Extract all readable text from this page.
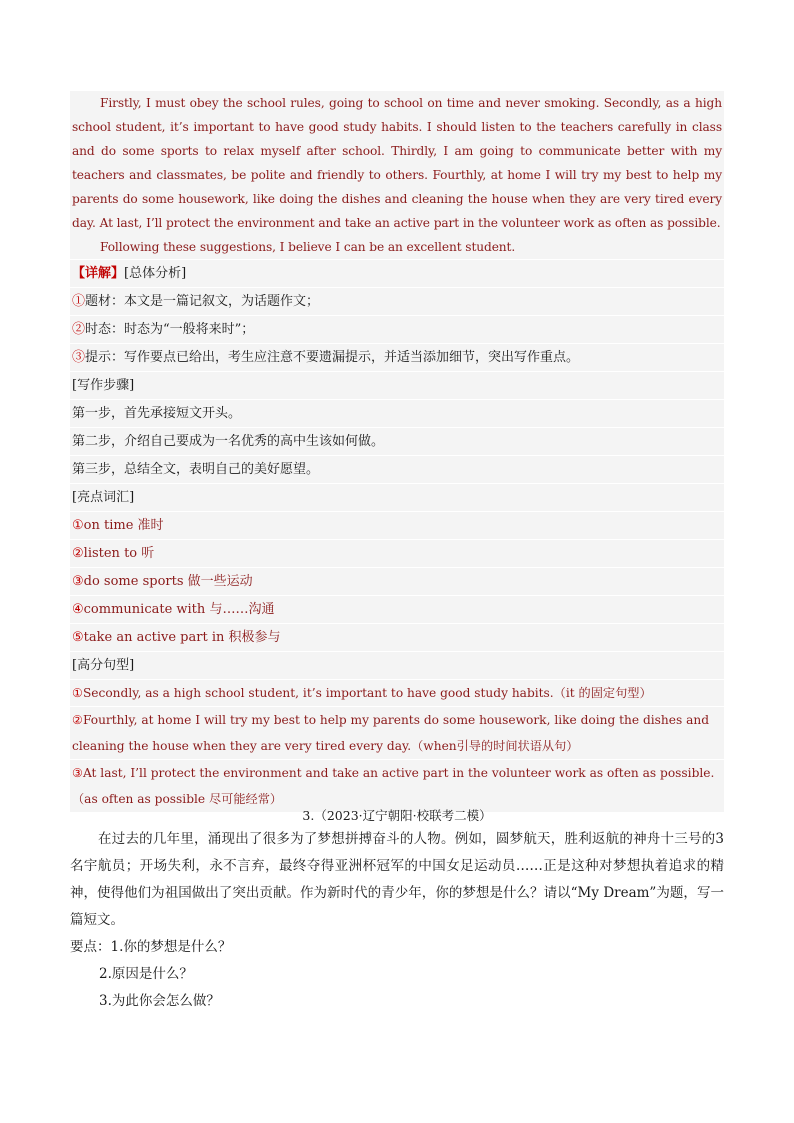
Firstly, I must obey the school rules, going to school on time and never smoking. Secondly, as a high school student, it’s important to have good study habits. I should listen to the teachers carefully in class and do some sports to relax myself after school. Thirdly, I am going to communicate better with my teachers and classmates, be polite and friendly to others. Fourthly, at home I will try my best to help my parents do some housework, like doing the dishes and cleaning the house when they are very tired every day. At last, I’ll protect the environment and take an active part in the volunteer work as often as possible.

Following these suggestions, I believe I can be an excellent student.

【详解】[总体分析]
①题材：本文是一篇记叙文，为话题作文；
②时态：时态为“一般将来时”；
③提示：写作要点已给出，考生应注意不要遗漏提示，并适当添加细节，突出写作重点。
[写作步骤]
第一步，首先承接短文开头。
第二步，介绍自己要成为一名优秀的高中生该如何做。
第三步，总结全文，表明自己的美好愿望。
[亮点词汇]
①on time 准时
②listen to 听
③do some sports 做一些运动
④communicate with 与……沟通
⑤take an active part in 积极参与
[高分句型]
①Secondly, as a high school student, it’s important to have good study habits.（it 的固定句型）
②Fourthly, at home I will try my best to help my parents do some housework, like doing the dishes and cleaning the house when they are very tired every day.（when引导的时间状语从句）
③At last, I’ll protect the environment and take an active part in the volunteer work as often as possible.（as often as possible 尽可能经常）
3.（2023·辽宁朝阳·校联考二模）
在过去的几年里，涌现出了很多为了梦想拼搏奋斗的人物。例如，圆梦航天，胜利返航的神舟十三号的3名宇航员；开场失利，永不言弃，最终夺得亚洲杯冠军的中国女足运动员……正是这种对梦想执着追求的精神，使得他们为祖国做出了突出贡献。作为新时代的青少年，你的梦想是什么？请以“My Dream”为题，写一篇短文。

要点：1.你的梦想是什么？

2.原因是什么？

3.为此你会怎么做？
